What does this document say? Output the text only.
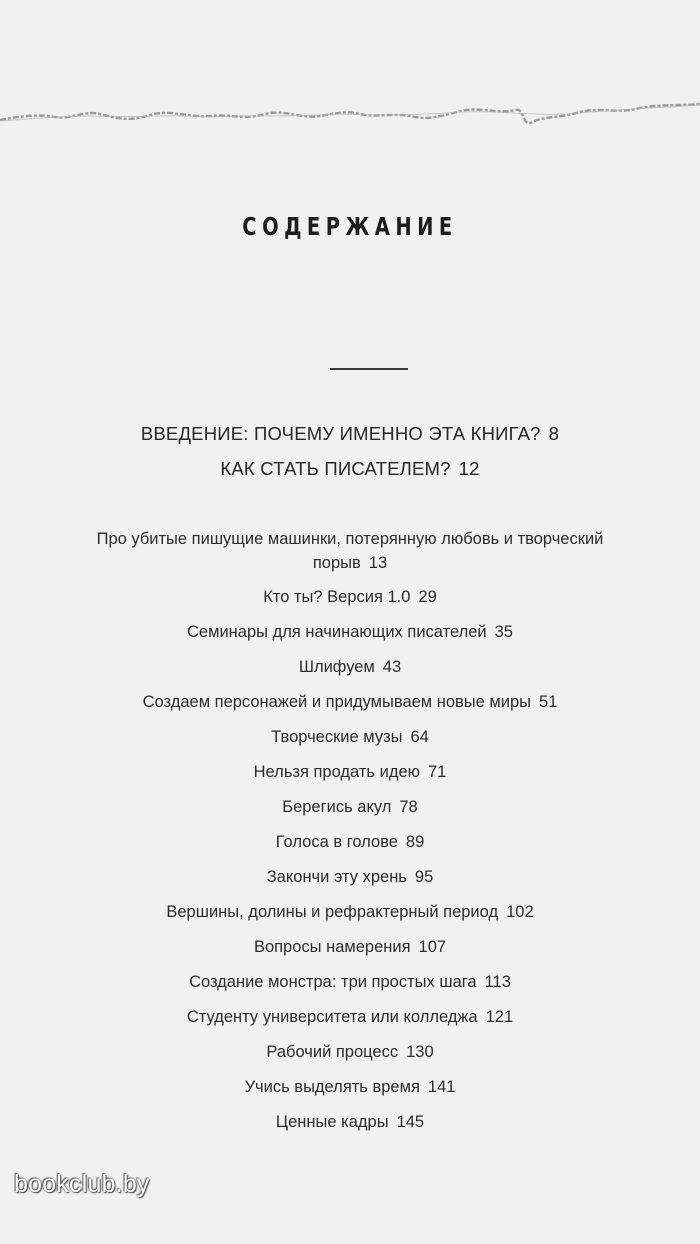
СОДЕРЖАНИЕ
ВВЕДЕНИЕ: ПОЧЕМУ ИМЕННО ЭТА КНИГА? 8
КАК СТАТЬ ПИСАТЕЛЕМ? 12
Про убитые пишущие машинки, потерянную любовь и творческий порыв 13
Кто ты? Версия 1.0 29
Семинары для начинающих писателей 35
Шлифуем 43
Создаем персонажей и придумываем новые миры 51
Творческие музы 64
Нельзя продать идею 71
Берегись акул 78
Голоса в голове 89
Закончи эту хрень 95
Вершины, долины и рефрактерный период 102
Вопросы намерения 107
Создание монстра: три простых шага 113
Студенту университета или колледжа 121
Рабочий процесс 130
Учись выделять время 141
Ценные кадры 145
bookclub.by
